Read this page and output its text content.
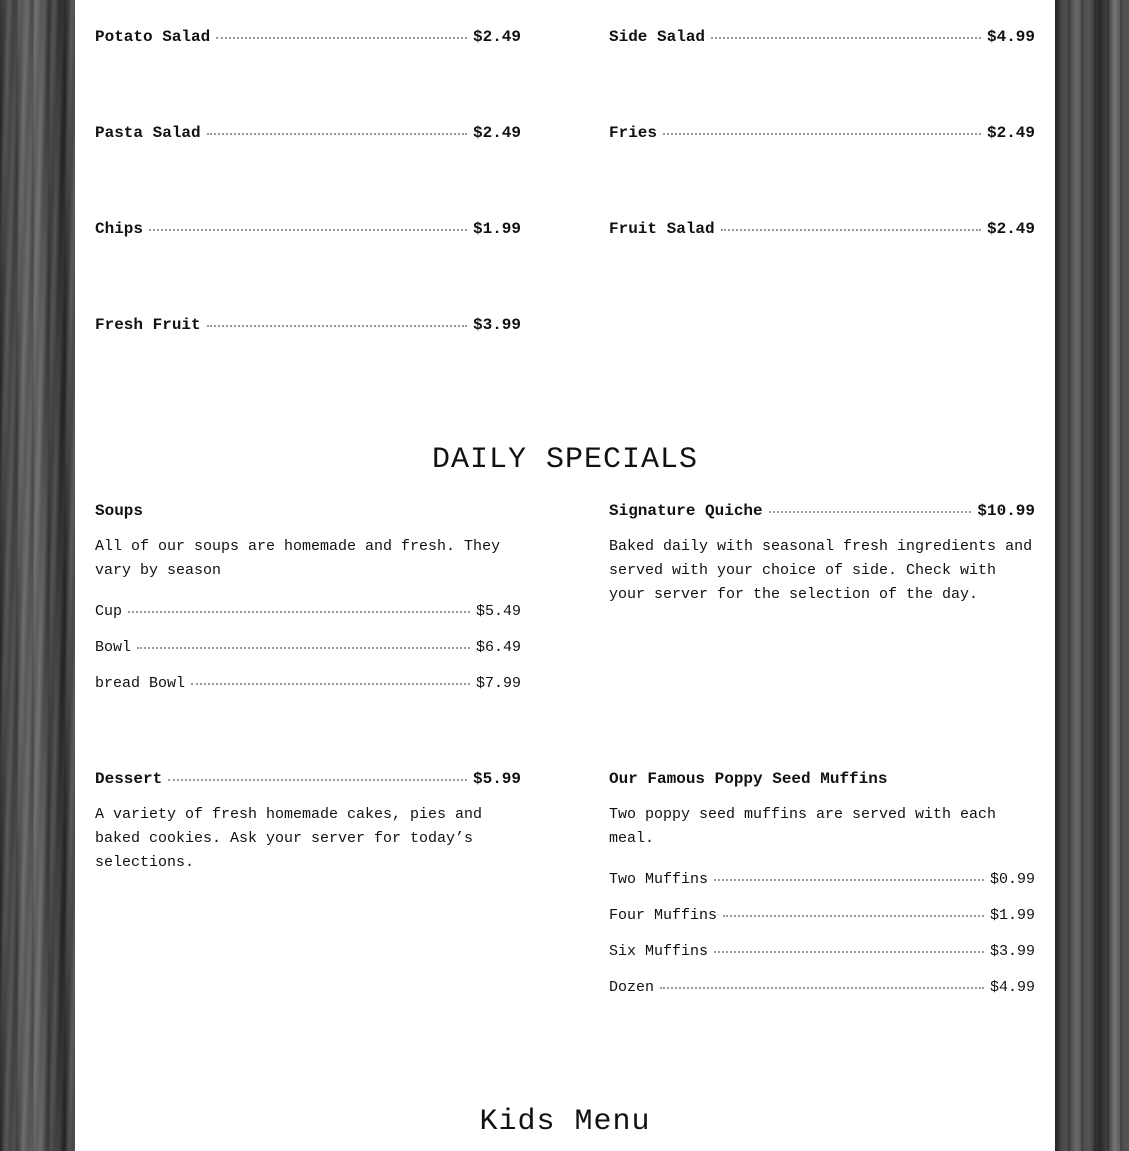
Potato Salad	$2.49	Side Salad	$4.99
Pasta Salad	$2.49	Fries	$2.49
Chips	$1.99	Fruit Salad	$2.49
Fresh Fruit	$3.99
DAILY SPECIALS
Soups
All of our soups are homemade and fresh. They vary by season
Cup	$5.49
Bowl	$6.49
bread Bowl	$7.99
Signature Quiche	$10.99
Baked daily with seasonal fresh ingredients and served with your choice of side. Check with your server for the selection of the day.
Dessert	$5.99
A variety of fresh homemade cakes, pies and baked cookies. Ask your server for today’s selections.
Our Famous Poppy Seed Muffins
Two poppy seed muffins are served with each meal.
Two Muffins	$0.99
Four Muffins	$1.99
Six Muffins	$3.99
Dozen	$4.99
Kids Menu
